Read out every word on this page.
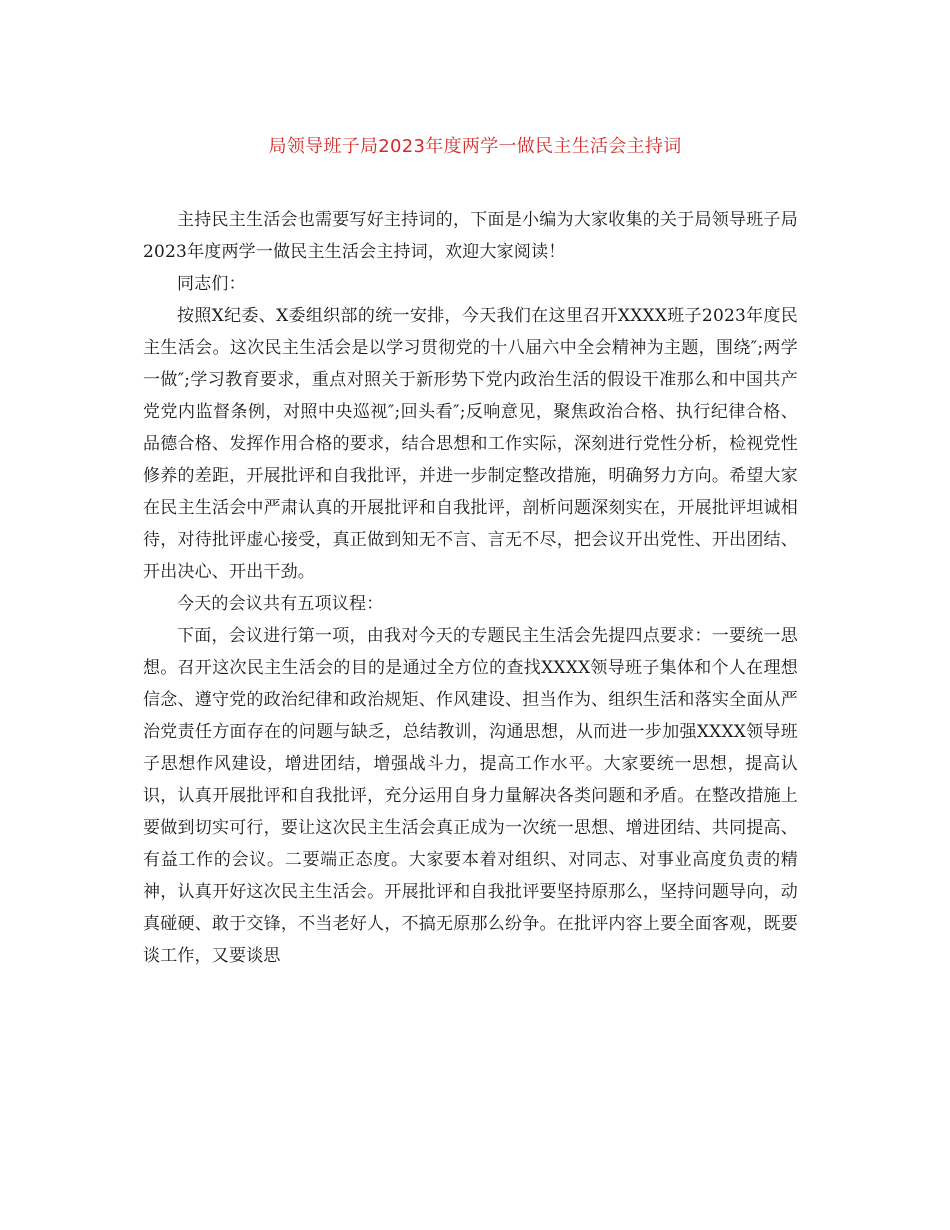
局领导班子局2023年度两学一做民主生活会主持词

主持民主生活会也需要写好主持词的，下面是小编为大家收集的关于局领导班子局2023年度两学一做民主生活会主持词，欢迎大家阅读！

同志们：

按照X纪委、X委组织部的统一安排，今天我们在这里召开XXXX班子2023年度民主生活会。这次民主生活会是以学习贯彻党的十八届六中全会精神为主题，围绕″;两学一做″;学习教育要求，重点对照关于新形势下党内政治生活的假设干准那么和中国共产党党内监督条例，对照中央巡视″;回头看″;反响意见，聚焦政治合格、执行纪律合格、品德合格、发挥作用合格的要求，结合思想和工作实际，深刻进行党性分析，检视党性修养的差距，开展批评和自我批评，并进一步制定整改措施，明确努力方向。希望大家在民主生活会中严肃认真的开展批评和自我批评，剖析问题深刻实在，开展批评坦诚相待，对待批评虚心接受，真正做到知无不言、言无不尽，把会议开出党性、开出团结、开出决心、开出干劲。

今天的会议共有五项议程：

下面，会议进行第一项，由我对今天的专题民主生活会先提四点要求：一要统一思想。召开这次民主生活会的目的是通过全方位的查找XXXX领导班子集体和个人在理想信念、遵守党的政治纪律和政治规矩、作风建设、担当作为、组织生活和落实全面从严治党责任方面存在的问题与缺乏，总结教训，沟通思想，从而进一步加强XXXX领导班子思想作风建设，增进团结，增强战斗力，提高工作水平。大家要统一思想，提高认识，认真开展批评和自我批评，充分运用自身力量解决各类问题和矛盾。在整改措施上要做到切实可行，要让这次民主生活会真正成为一次统一思想、增进团结、共同提高、有益工作的会议。二要端正态度。大家要本着对组织、对同志、对事业高度负责的精神，认真开好这次民主生活会。开展批评和自我批评要坚持原那么，坚持问题导向，动真碰硬、敢于交锋，不当老好人，不搞无原那么纷争。在批评内容上要全面客观，既要谈工作，又要谈思
